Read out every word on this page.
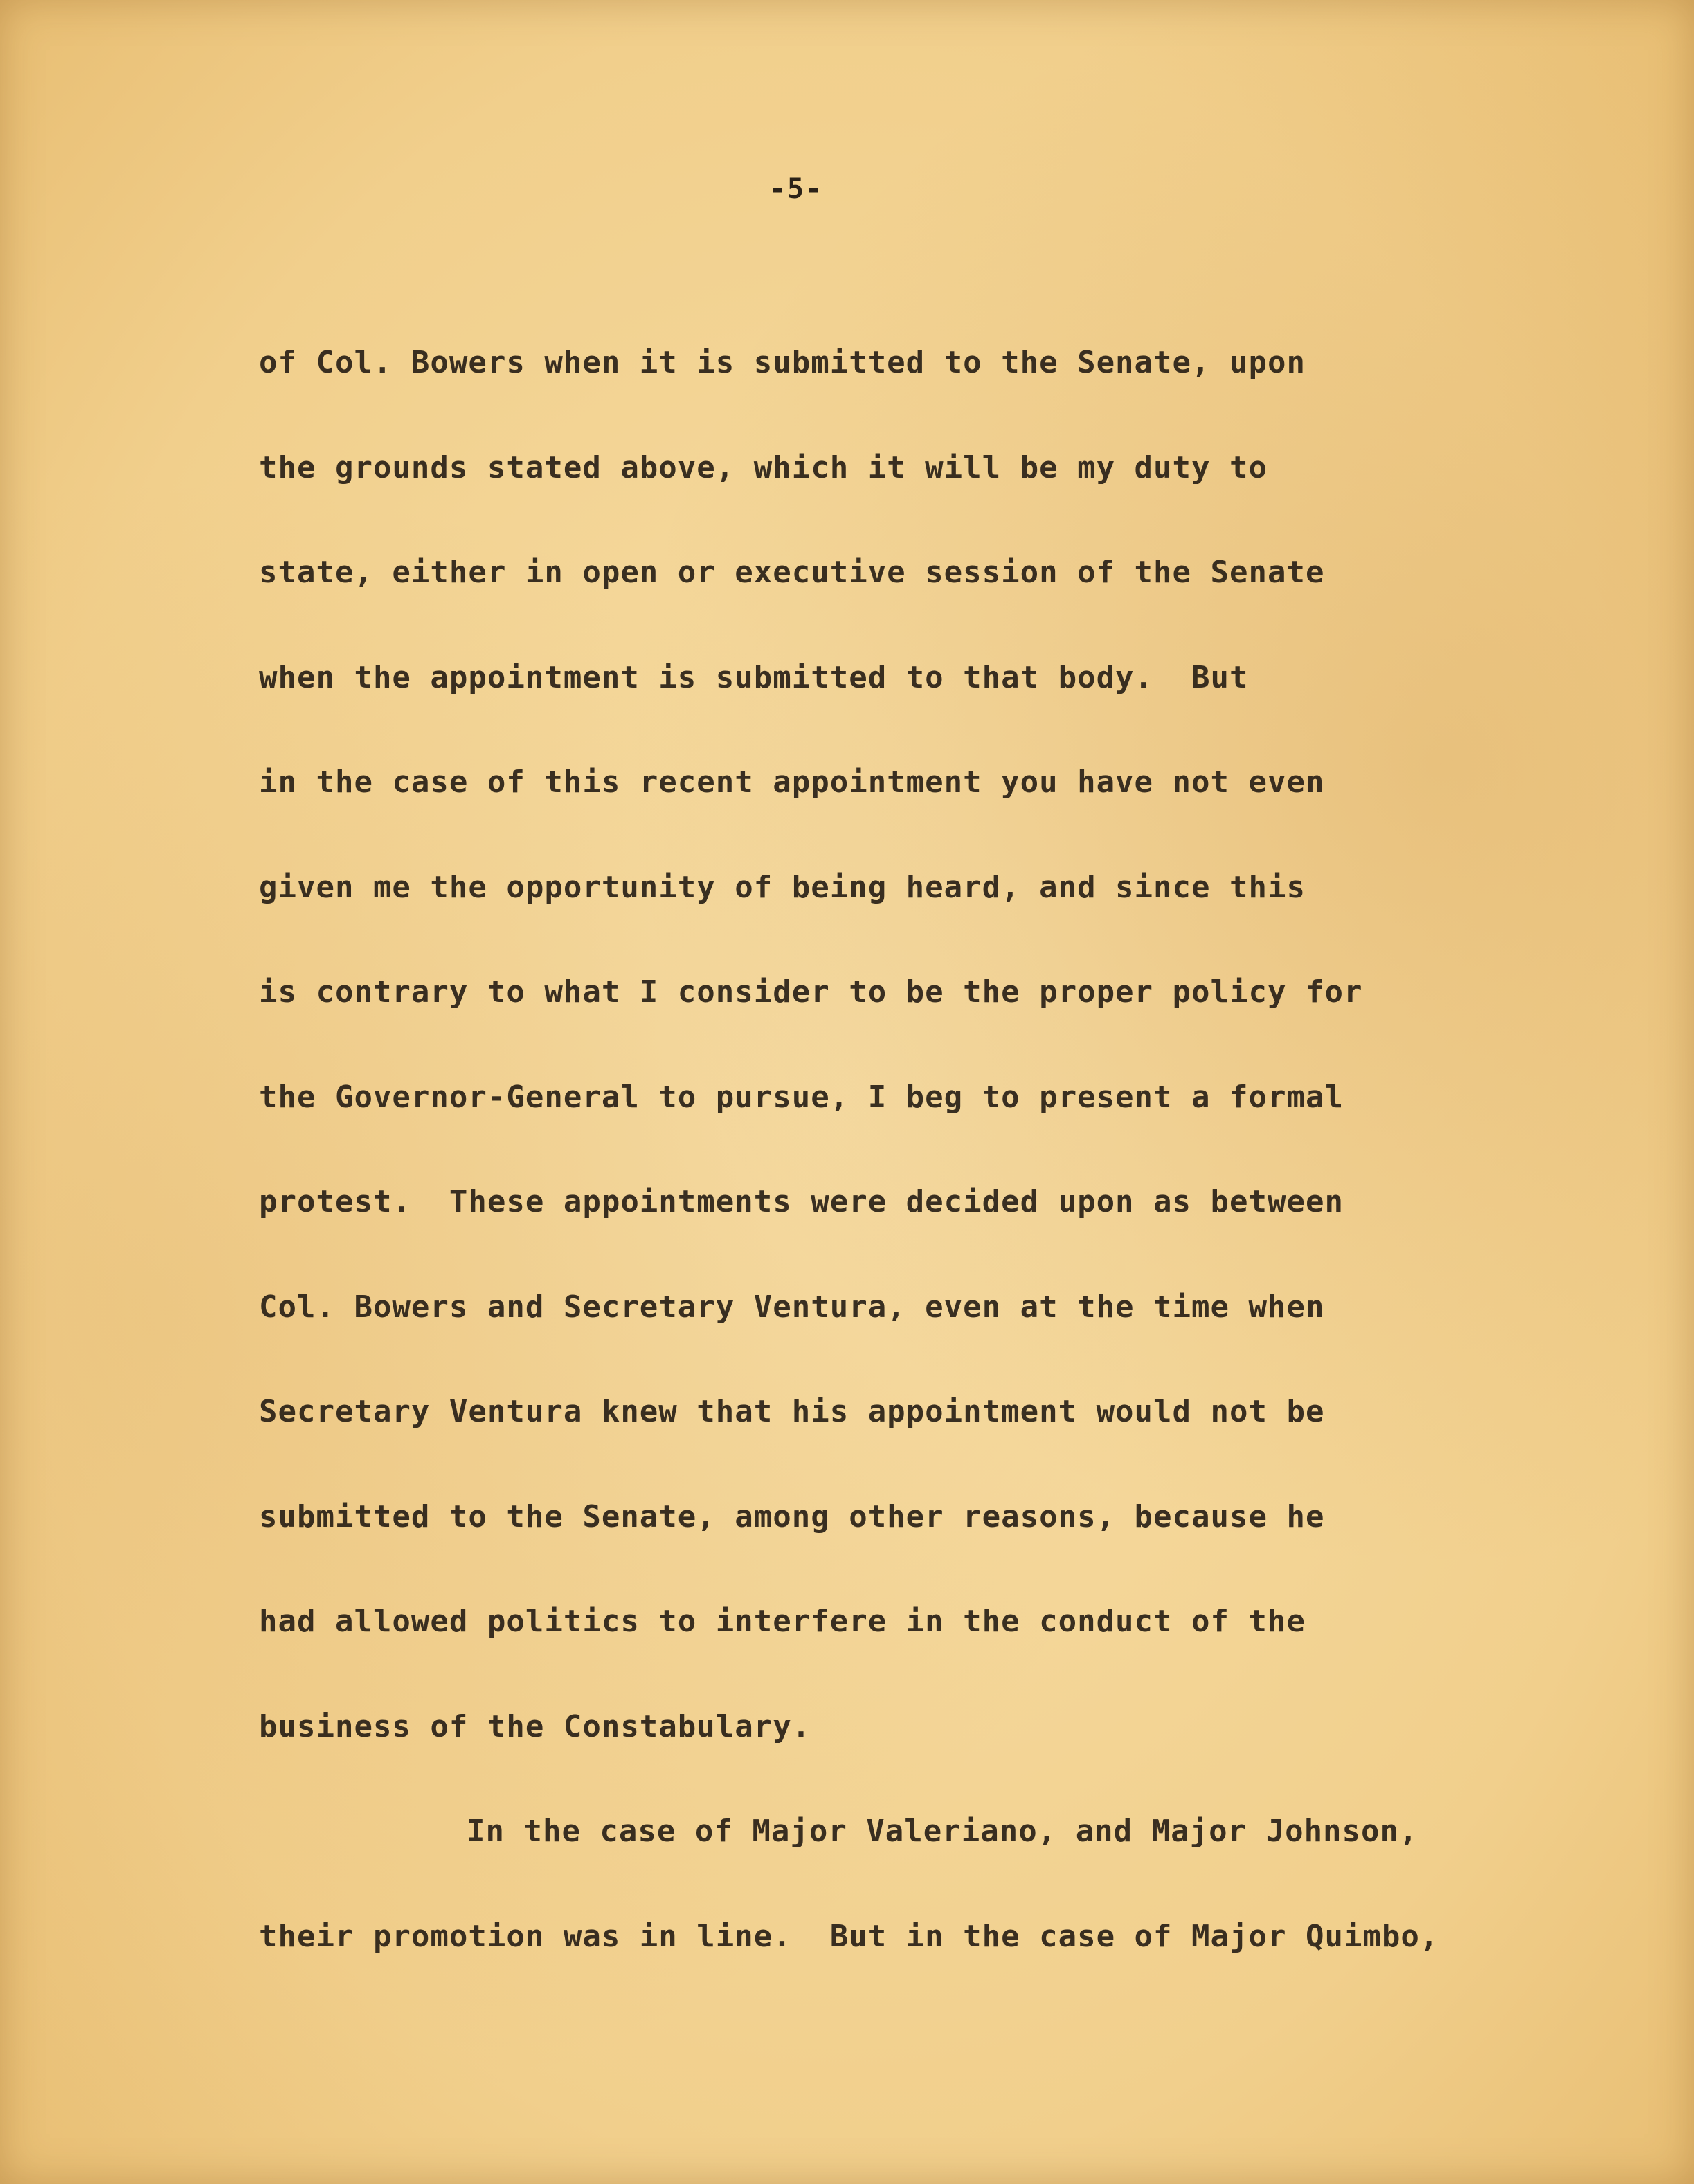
-5-
of Col. Bowers when it is submitted to the Senate, upon
the grounds stated above, which it will be my duty to
state, either in open or executive session of the Senate
when the appointment is submitted to that body.  But
in the case of this recent appointment you have not even
given me the opportunity of being heard, and since this
is contrary to what I consider to be the proper policy for
the Governor-General to pursue, I beg to present a formal
protest.  These appointments were decided upon as between
Col. Bowers and Secretary Ventura, even at the time when
Secretary Ventura knew that his appointment would not be
submitted to the Senate, among other reasons, because he
had allowed politics to interfere in the conduct of the
business of the Constabulary.
In the case of Major Valeriano, and Major Johnson,
their promotion was in line.  But in the case of Major Quimbo,
